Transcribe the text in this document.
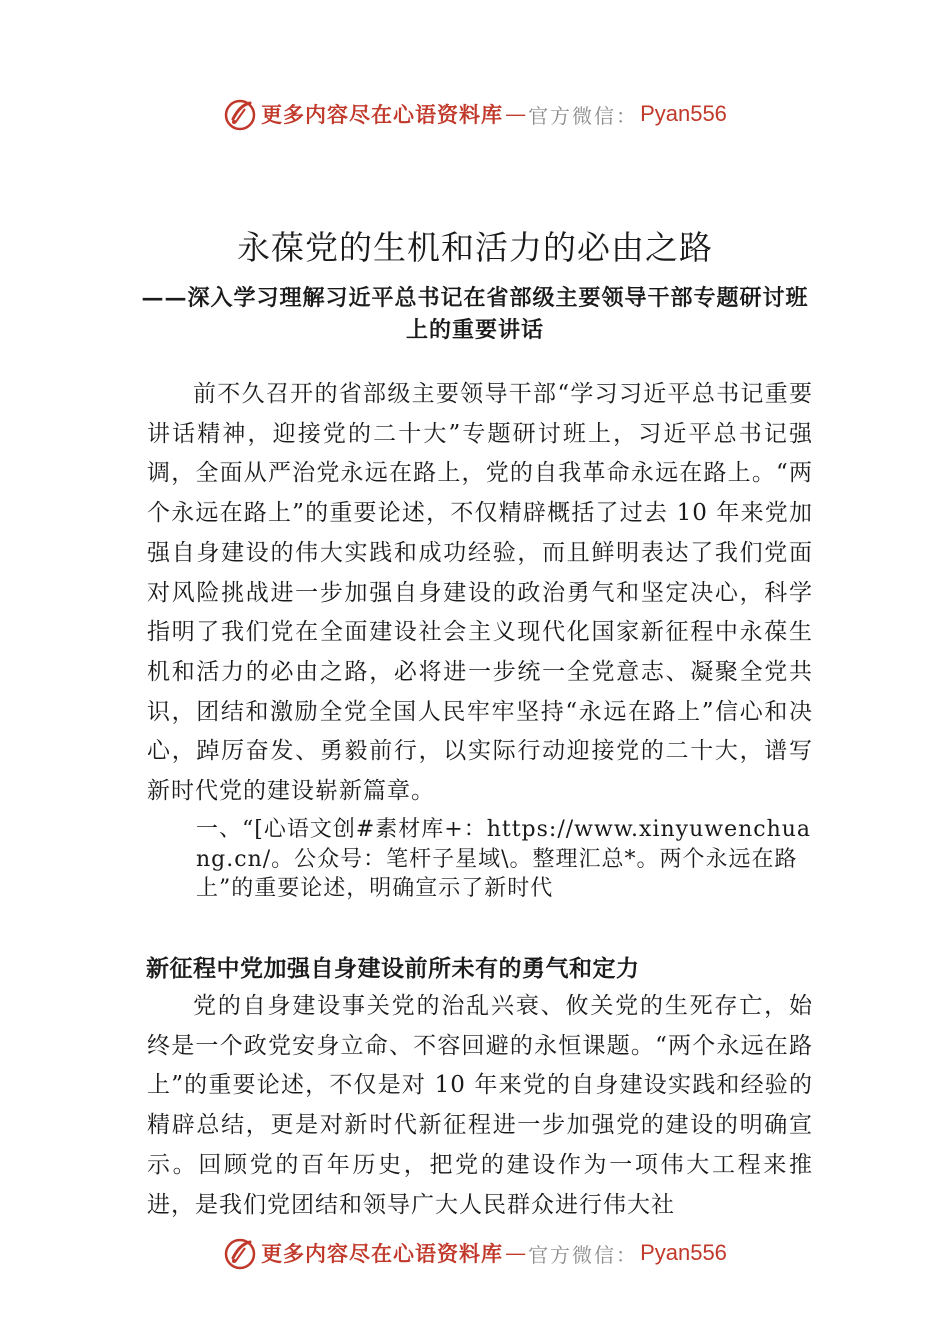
更多内容尽在心语资料库 — 官方微信： Pyan556
永葆党的生机和活力的必由之路
——深入学习理解习近平总书记在省部级主要领导干部专题研讨班上的重要讲话
前不久召开的省部级主要领导干部“学习习近平总书记重要讲话精神，迎接党的二十大”专题研讨班上，习近平总书记强调，全面从严治党永远在路上，党的自我革命永远在路上。“两个永远在路上”的重要论述，不仅精辟概括了过去 10 年来党加强自身建设的伟大实践和成功经验，而且鲜明表达了我们党面对风险挑战进一步加强自身建设的政治勇气和坚定决心，科学指明了我们党在全面建设社会主义现代化国家新征程中永葆生机和活力的必由之路，必将进一步统一全党意志、凝聚全党共识，团结和激励全党全国人民牢牢坚持“永远在路上”信心和决心，踔厉奋发、勇毅前行，以实际行动迎接党的二十大，谱写新时代党的建设崭新篇章。
一、“[心语文创#素材库+：https://www.xinyuwenchuang.cn/。公众号：笔杆子星域\。整理汇总*。两个永远在路上”的重要论述，明确宣示了新时代
新征程中党加强自身建设前所未有的勇气和定力
党的自身建设事关党的治乱兴衰、攸关党的生死存亡，始终是一个政党安身立命、不容回避的永恒课题。“两个永远在路上”的重要论述，不仅是对 10 年来党的自身建设实践和经验的精辟总结，更是对新时代新征程进一步加强党的建设的明确宣示。回顾党的百年历史，把党的建设作为一项伟大工程来推进，是我们党团结和领导广大人民群众进行伟大社
更多内容尽在心语资料库 — 官方微信： Pyan556
